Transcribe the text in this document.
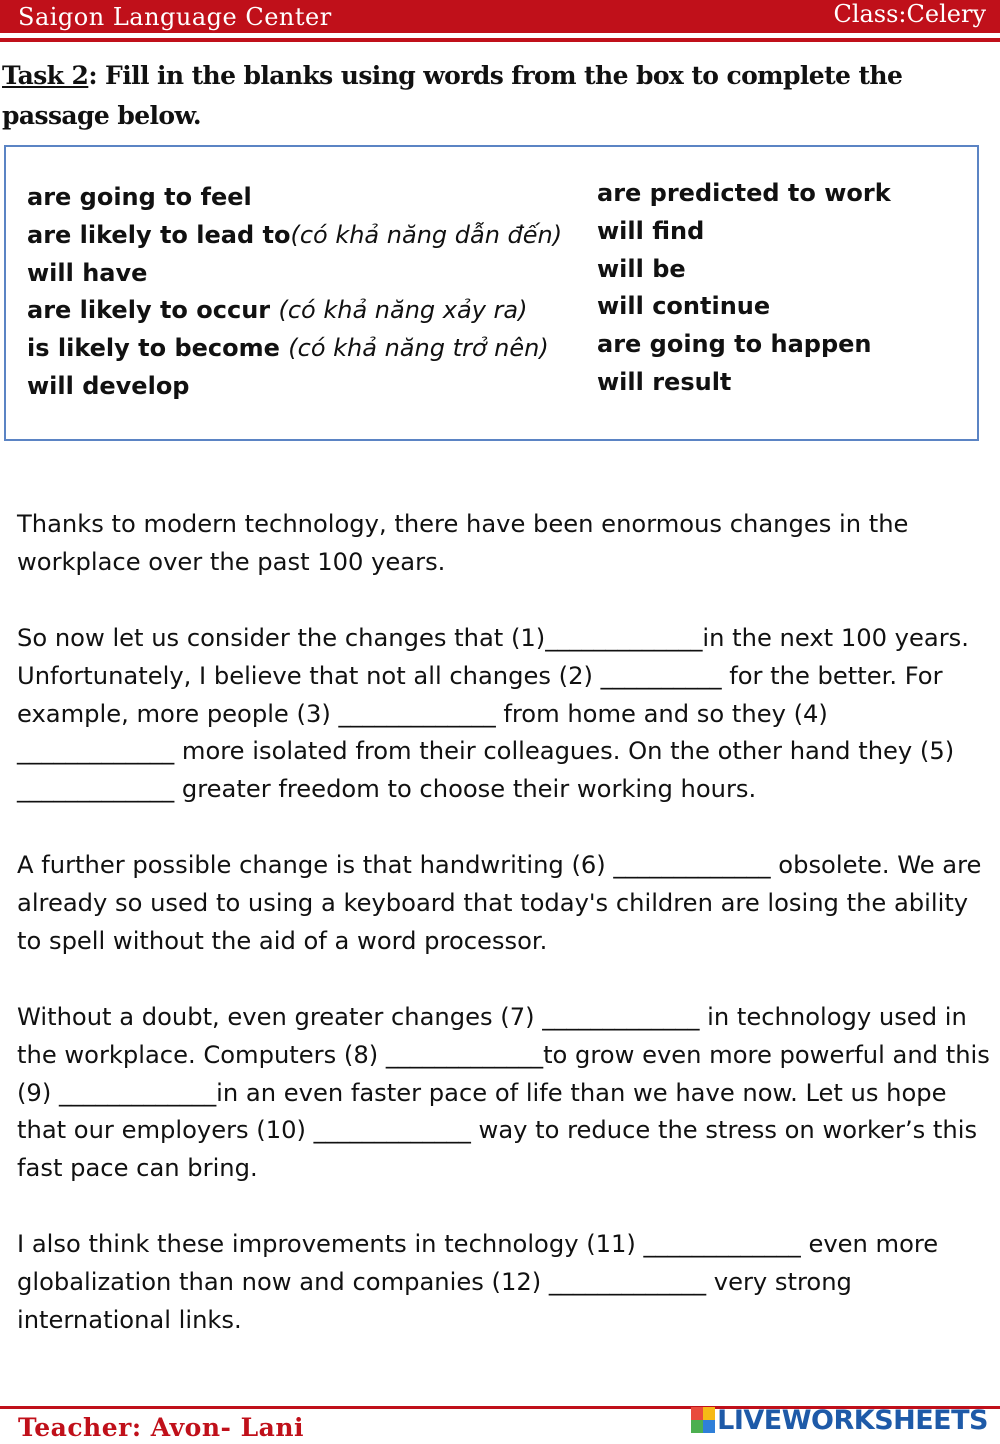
Saigon Language Center	Class:Celery
Task 2: Fill in the blanks using words from the box to complete the passage below.
are going to feel
are likely to lead to(có khả năng dẫn đến)
will have
are likely to occur (có khả năng xảy ra)
is likely to become (có khả năng trở nên)
will develop
are predicted to work
will find
will be
will continue
are going to happen
will result

Thanks to modern technology, there have been enormous changes in the workplace over the past 100 years.

So now let us consider the changes that (1)_____________in the next 100 years. Unfortunately, I believe that not all changes (2) __________ for the better. For example, more people (3) _____________ from home and so they (4) _____________ more isolated from their colleagues. On the other hand they (5) _____________ greater freedom to choose their working hours.

A further possible change is that handwriting (6) _____________ obsolete. We are already so used to using a keyboard that today's children are losing the ability to spell without the aid of a word processor.

Without a doubt, even greater changes (7) _____________ in technology used in the workplace. Computers (8) _____________to grow even more powerful and this (9) _____________in an even faster pace of life than we have now. Let us hope that our employers (10) _____________ way to reduce the stress on worker’s this fast pace can bring.

I also think these improvements in technology (11) _____________ even more globalization than now and companies (12) _____________ very strong international links.

Teacher: Avon- Lani	LIVEWORKSHEETS
